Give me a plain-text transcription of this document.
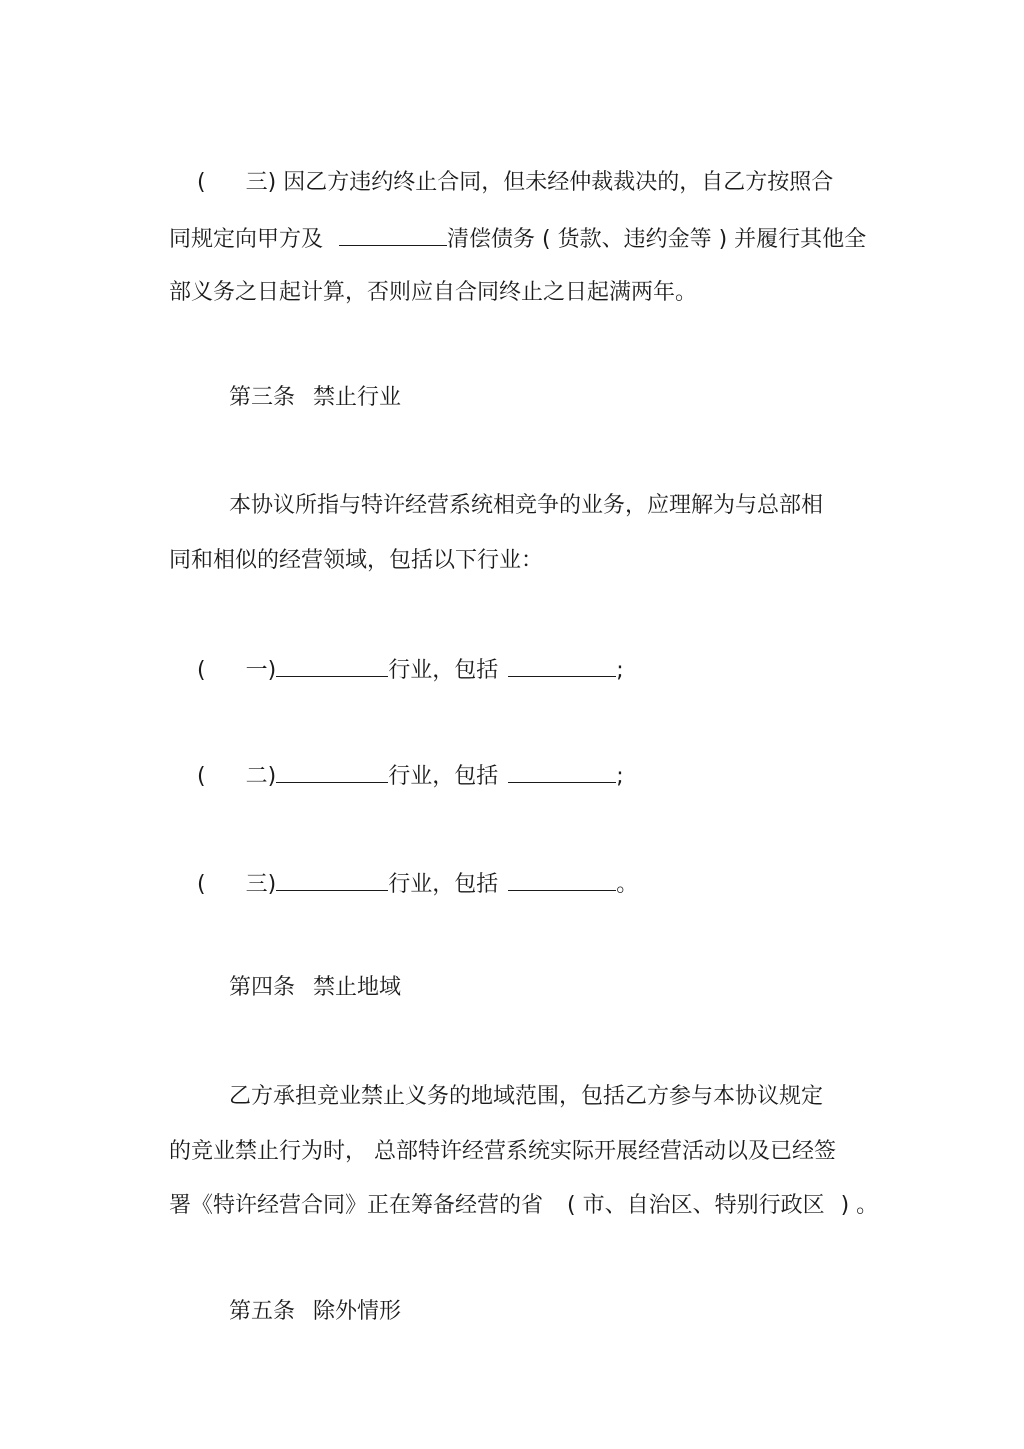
( 三) 因乙方违约终止合同，但未经仲裁裁决的，自乙方按照合

同规定向甲方及	清偿债务 ( 货款、违约金等 ) 并履行其他全

部义务之日起计算，否则应自合同终止之日起满两年。

第三条 禁止行业

本协议所指与特许经营系统相竞争的业务，应理解为与总部相

同和相似的经营领域，包括以下行业：

( 一)	行业，包括	;

( 二)	行业，包括	;

( 三)	行业，包括	。

第四条 禁止地域

乙方承担竞业禁止义务的地域范围，包括乙方参与本协议规定

的竞业禁止行为时， 总部特许经营系统实际开展经营活动以及已经签

署《特许经营合同》正在筹备经营的省 ( 市、自治区、特别行政区 ) 。

第五条 除外情形
